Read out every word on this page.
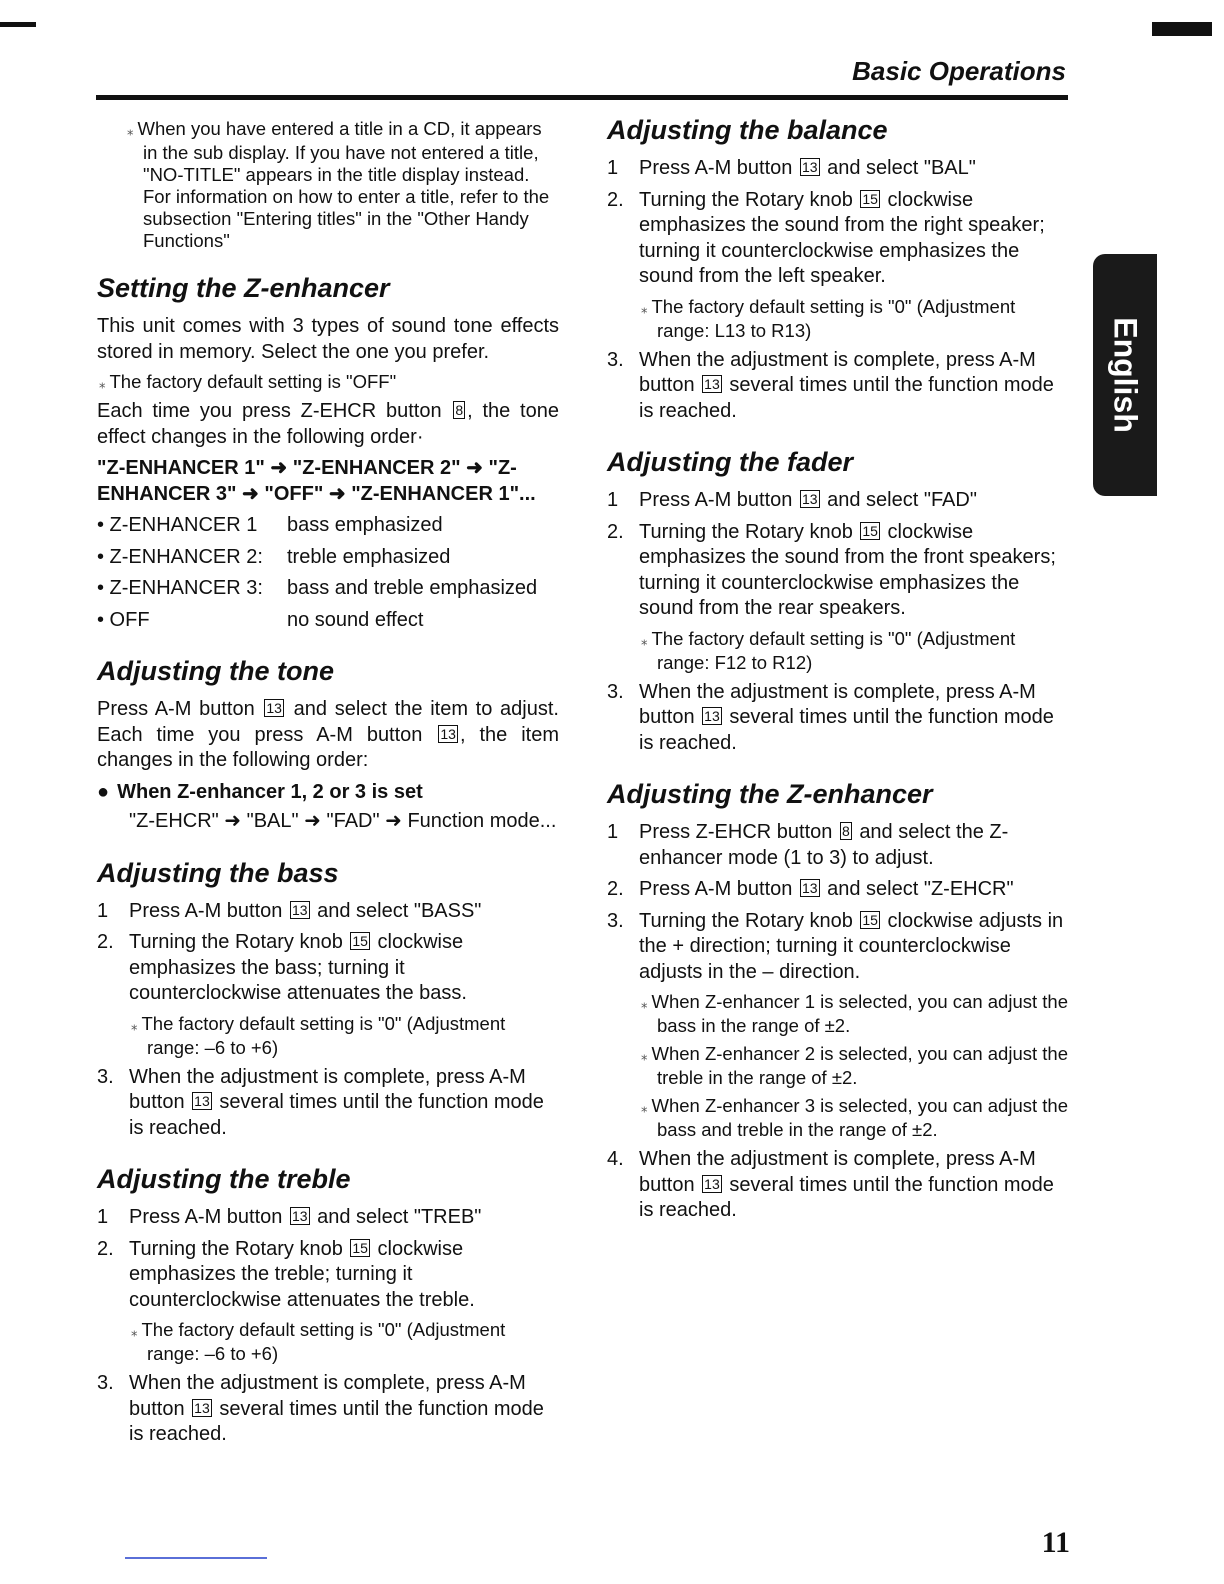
Basic Operations
English
⁎ When you have entered a title in a CD, it appears in the sub display. If you have not entered a title, "NO-TITLE" appears in the title display instead. For information on how to enter a title, refer to the subsection "Entering titles" in the "Other Handy Functions"
Setting the Z-enhancer
This unit comes with 3 types of sound tone effects stored in memory. Select the one you prefer.
⁎ The factory default setting is "OFF"
Each time you press Z-EHCR button 8 , the tone effect changes in the following order·
"Z-ENHANCER 1" ➜ "Z-ENHANCER 2" ➜ "Z-ENHANCER 3" ➜ "OFF" ➜ "Z-ENHANCER 1"...
• Z-ENHANCER 1	bass emphasized
• Z-ENHANCER 2:	treble emphasized
• Z-ENHANCER 3:	bass and treble emphasized
• OFF	no sound effect
Adjusting the tone
Press A-M button 13 and select the item to adjust. Each time you press A-M button 13 , the item changes in the following order:
● When Z-enhancer 1, 2 or 3 is set
"Z-EHCR" ➜ "BAL" ➜ "FAD" ➜ Function mode...
Adjusting the bass
1 Press A-M button 13 and select "BASS"
2. Turning the Rotary knob 15 clockwise emphasizes the bass; turning it counterclockwise attenuates the bass.
⁎ The factory default setting is "0" (Adjustment range: –6 to +6)
3. When the adjustment is complete, press A-M button 13 several times until the function mode is reached.
Adjusting the treble
1 Press A-M button 13 and select "TREB"
2. Turning the Rotary knob 15 clockwise emphasizes the treble; turning it counterclockwise attenuates the treble.
⁎ The factory default setting is "0" (Adjustment range: –6 to +6)
3. When the adjustment is complete, press A-M button 13 several times until the function mode is reached.
Adjusting the balance
1 Press A-M button 13 and select "BAL"
2. Turning the Rotary knob 15 clockwise emphasizes the sound from the right speaker; turning it counterclockwise emphasizes the sound from the left speaker.
⁎ The factory default setting is "0" (Adjustment range: L13 to R13)
3. When the adjustment is complete, press A-M button 13 several times until the function mode is reached.
Adjusting the fader
1 Press A-M button 13 and select "FAD"
2. Turning the Rotary knob 15 clockwise emphasizes the sound from the front speakers; turning it counterclockwise emphasizes the sound from the rear speakers.
⁎ The factory default setting is "0" (Adjustment range: F12 to R12)
3. When the adjustment is complete, press A-M button 13 several times until the function mode is reached.
Adjusting the Z-enhancer
1 Press Z-EHCR button 8 and select the Z-enhancer mode (1 to 3) to adjust.
2. Press A-M button 13 and select "Z-EHCR"
3. Turning the Rotary knob 15 clockwise adjusts in the + direction; turning it counterclockwise adjusts in the – direction.
⁎ When Z-enhancer 1 is selected, you can adjust the bass in the range of ±2.
⁎ When Z-enhancer 2 is selected, you can adjust the treble in the range of ±2.
⁎ When Z-enhancer 3 is selected, you can adjust the bass and treble in the range of ±2.
4. When the adjustment is complete, press A-M button 13 several times until the function mode is reached.
11
